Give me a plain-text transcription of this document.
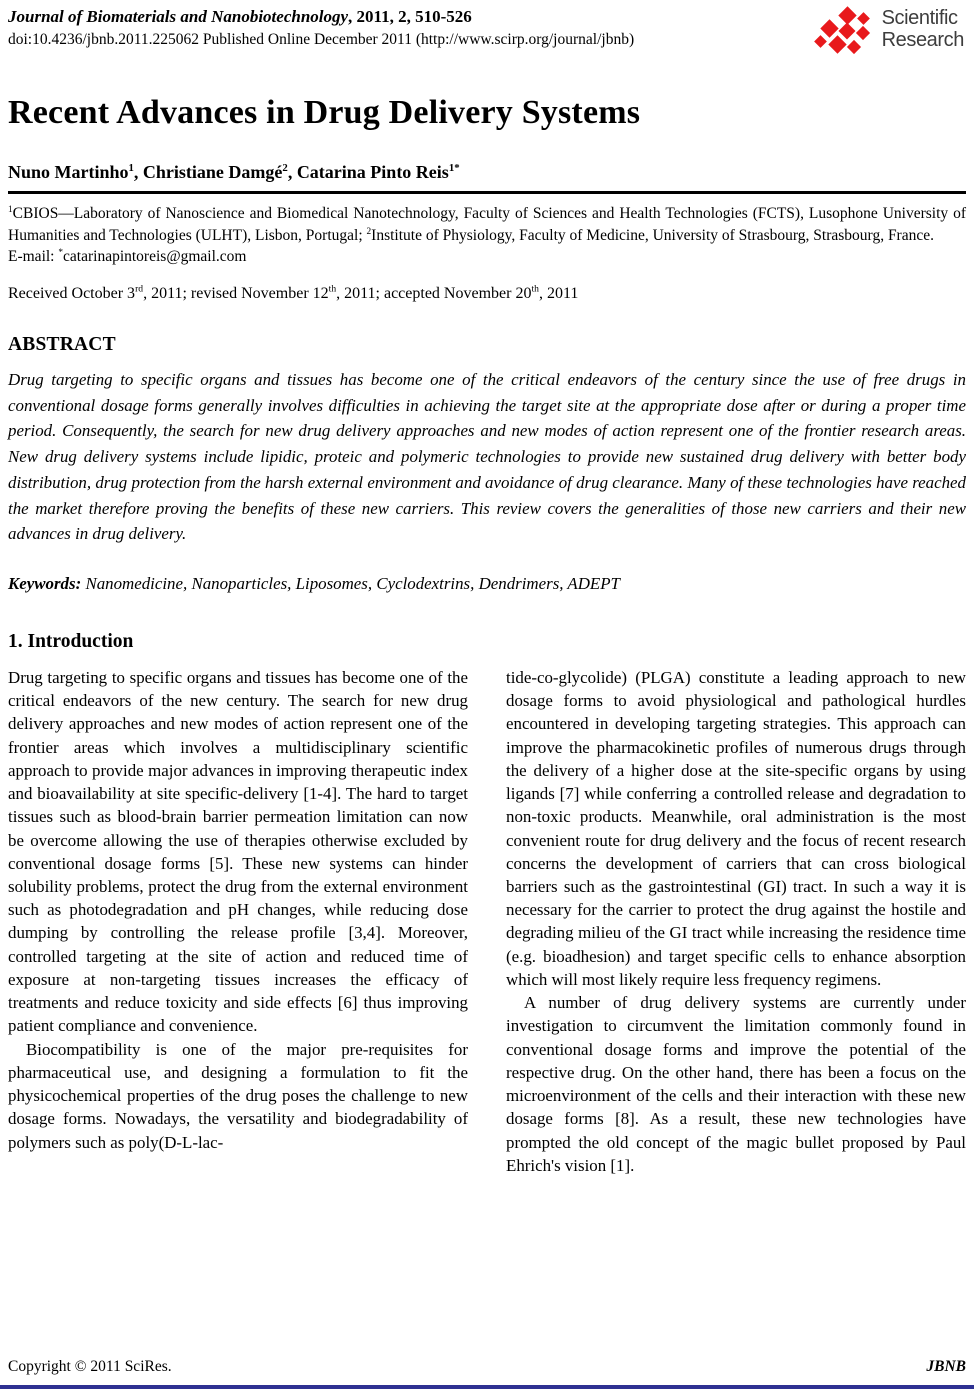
Journal of Biomaterials and Nanobiotechnology, 2011, 2, 510-526
doi:10.4236/jbnb.2011.225062 Published Online December 2011 (http://www.scirp.org/journal/jbnb)
Scientific
Research
Recent Advances in Drug Delivery Systems
Nuno Martinho$^1$, Christiane Damgé$^2$, Catarina Pinto Reis$^{1*}$
$^1$CBIOS—Laboratory of Nanoscience and Biomedical Nanotechnology, Faculty of Sciences and Health Technologies (FCTS), Lusophone University of Humanities and Technologies (ULHT), Lisbon, Portugal; $^2$Institute of Physiology, Faculty of Medicine, University of Strasbourg, Strasbourg, France.
E-mail: *catarinapintoreis@gmail.com
Received October 3rd, 2011; revised November 12th, 2011; accepted November 20th, 2011
ABSTRACT
Drug targeting to specific organs and tissues has become one of the critical endeavors of the century since the use of free drugs in conventional dosage forms generally involves difficulties in achieving the target site at the appropriate dose after or during a proper time period. Consequently, the search for new drug delivery approaches and new modes of action represent one of the frontier research areas. New drug delivery systems include lipidic, proteic and polymeric technologies to provide new sustained drug delivery with better body distribution, drug protection from the harsh external environment and avoidance of drug clearance. Many of these technologies have reached the market therefore proving the benefits of these new carriers. This review covers the generalities of those new carriers and their new advances in drug delivery.
Keywords: Nanomedicine, Nanoparticles, Liposomes, Cyclodextrins, Dendrimers, ADEPT
1. Introduction

Drug targeting to specific organs and tissues has become one of the critical endeavors of the new century. The search for new drug delivery approaches and new modes of action represent one of the frontier areas which involves a multidisciplinary scientific approach to provide major advances in improving therapeutic index and bioavailability at site specific-delivery [1-4]. The hard to target tissues such as blood-brain barrier permeation limitation can now be overcome allowing the use of therapies otherwise excluded by conventional dosage forms [5]. These new systems can hinder solubility problems, protect the drug from the external environment such as photodegradation and pH changes, while reducing dose dumping by controlling the release profile [3,4]. Moreover, controlled targeting at the site of action and reduced time of exposure at non-targeting tissues increases the efficacy of treatments and reduce toxicity and side effects [6] thus improving patient compliance and convenience.

Biocompatibility is one of the major pre-requisites for pharmaceutical use, and designing a formulation to fit the physicochemical properties of the drug poses the challenge to new dosage forms. Nowadays, the versatility and biodegradability of polymers such as poly(D-L-lac-

tide-co-glycolide) (PLGA) constitute a leading approach to new dosage forms to avoid physiological and pathological hurdles encountered in developing targeting strategies. This approach can improve the pharmacokinetic profiles of numerous drugs through the delivery of a higher dose at the site-specific organs by using ligands [7] while conferring a controlled release and degradation to non-toxic products. Meanwhile, oral administration is the most convenient route for drug delivery and the focus of recent research concerns the development of carriers that can cross biological barriers such as the gastrointestinal (GI) tract. In such a way it is necessary for the carrier to protect the drug against the hostile and degrading milieu of the GI tract while increasing the residence time (e.g. bioadhesion) and target specific cells to enhance absorption which will most likely require less frequency regimens.

A number of drug delivery systems are currently under investigation to circumvent the limitation commonly found in conventional dosage forms and improve the potential of the respective drug. On the other hand, there has been a focus on the microenvironment of the cells and their interaction with these new dosage forms [8]. As a result, these new technologies have prompted the old concept of the magic bullet proposed by Paul Ehrich's vision [1].

Copyright © 2011 SciRes.	JBNB
